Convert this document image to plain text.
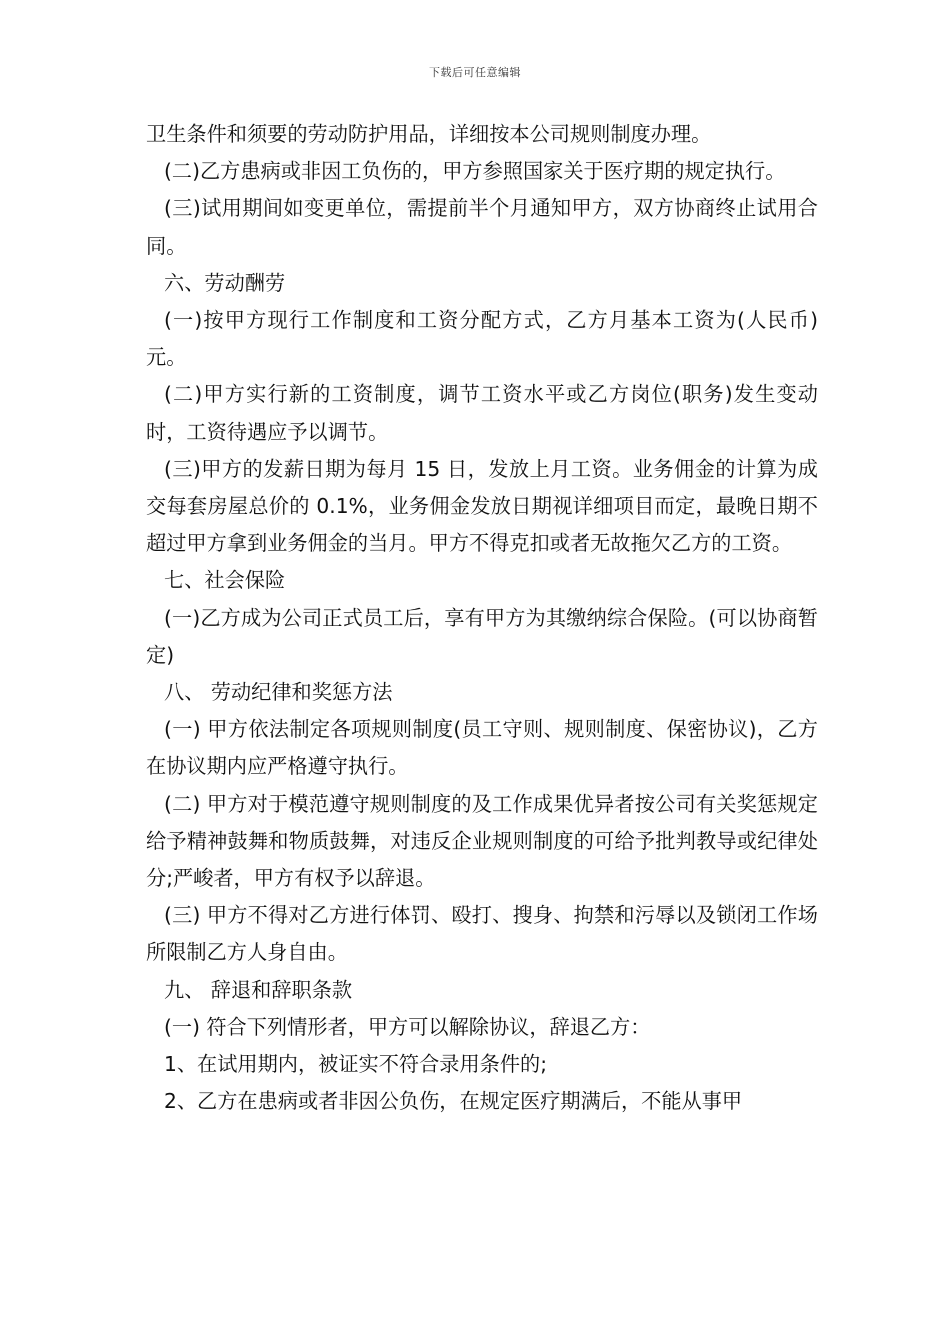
下载后可任意编辑

卫生条件和须要的劳动防护用品，详细按本公司规则制度办理。

(二)乙方患病或非因工负伤的，甲方参照国家关于医疗期的规定执行。

(三)试用期间如变更单位，需提前半个月通知甲方，双方协商终止试用合同。

六、劳动酬劳

(一)按甲方现行工作制度和工资分配方式，乙方月基本工资为(人民币) 元。

(二)甲方实行新的工资制度，调节工资水平或乙方岗位(职务)发生变动时，工资待遇应予以调节。

(三)甲方的发薪日期为每月 15 日，发放上月工资。业务佣金的计算为成交每套房屋总价的 0.1%，业务佣金发放日期视详细项目而定，最晚日期不超过甲方拿到业务佣金的当月。甲方不得克扣或者无故拖欠乙方的工资。

七、社会保险

(一)乙方成为公司正式员工后，享有甲方为其缴纳综合保险。(可以协商暂定)

八、 劳动纪律和奖惩方法

(一) 甲方依法制定各项规则制度(员工守则、规则制度、保密协议)，乙方在协议期内应严格遵守执行。

(二) 甲方对于模范遵守规则制度的及工作成果优异者按公司有关奖惩规定给予精神鼓舞和物质鼓舞，对违反企业规则制度的可给予批判教导或纪律处分;严峻者，甲方有权予以辞退。

(三) 甲方不得对乙方进行体罚、殴打、搜身、拘禁和污辱以及锁闭工作场所限制乙方人身自由。

九、 辞退和辞职条款

(一) 符合下列情形者，甲方可以解除协议，辞退乙方：

1、在试用期内，被证实不符合录用条件的;

2、乙方在患病或者非因公负伤，在规定医疗期满后，不能从事甲
